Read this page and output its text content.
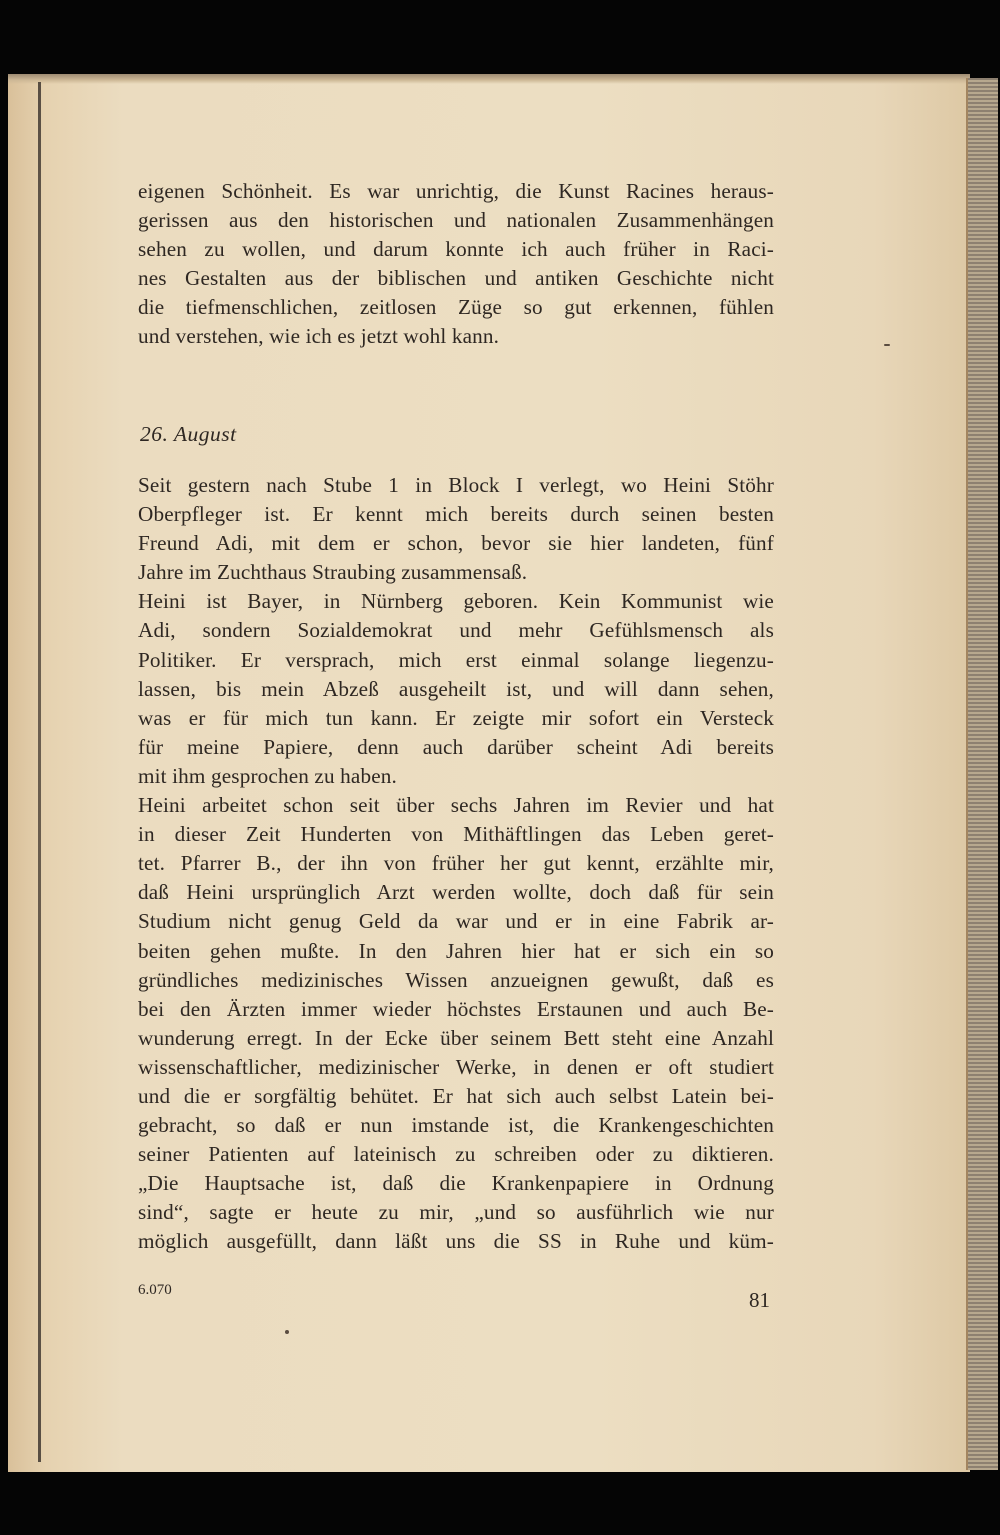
eigenen Schönheit. Es war unrichtig, die Kunst Racines heraus-
gerissen aus den historischen und nationalen Zusammenhängen
sehen zu wollen, und darum konnte ich auch früher in Raci-
nes Gestalten aus der biblischen und antiken Geschichte nicht
die tiefmenschlichen, zeitlosen Züge so gut erkennen, fühlen
und verstehen, wie ich es jetzt wohl kann.
26. August
Seit gestern nach Stube 1 in Block I verlegt, wo Heini Stöhr
Oberpfleger ist. Er kennt mich bereits durch seinen besten
Freund Adi, mit dem er schon, bevor sie hier landeten, fünf
Jahre im Zuchthaus Straubing zusammensaß.
Heini ist Bayer, in Nürnberg geboren. Kein Kommunist wie
Adi, sondern Sozialdemokrat und mehr Gefühlsmensch als
Politiker. Er versprach, mich erst einmal solange liegenzu-
lassen, bis mein Abzeß ausgeheilt ist, und will dann sehen,
was er für mich tun kann. Er zeigte mir sofort ein Versteck
für meine Papiere, denn auch darüber scheint Adi bereits
mit ihm gesprochen zu haben.
Heini arbeitet schon seit über sechs Jahren im Revier und hat
in dieser Zeit Hunderten von Mithäftlingen das Leben geret-
tet. Pfarrer B., der ihn von früher her gut kennt, erzählte mir,
daß Heini ursprünglich Arzt werden wollte, doch daß für sein
Studium nicht genug Geld da war und er in eine Fabrik ar-
beiten gehen mußte. In den Jahren hier hat er sich ein so
gründliches medizinisches Wissen anzueignen gewußt, daß es
bei den Ärzten immer wieder höchstes Erstaunen und auch Be-
wunderung erregt. In der Ecke über seinem Bett steht eine Anzahl
wissenschaftlicher, medizinischer Werke, in denen er oft studiert
und die er sorgfältig behütet. Er hat sich auch selbst Latein bei-
gebracht, so daß er nun imstande ist, die Krankengeschichten
seiner Patienten auf lateinisch zu schreiben oder zu diktieren.
„Die Hauptsache ist, daß die Krankenpapiere in Ordnung
sind“, sagte er heute zu mir, „und so ausführlich wie nur
möglich ausgefüllt, dann läßt uns die SS in Ruhe und küm-
6.070	81
